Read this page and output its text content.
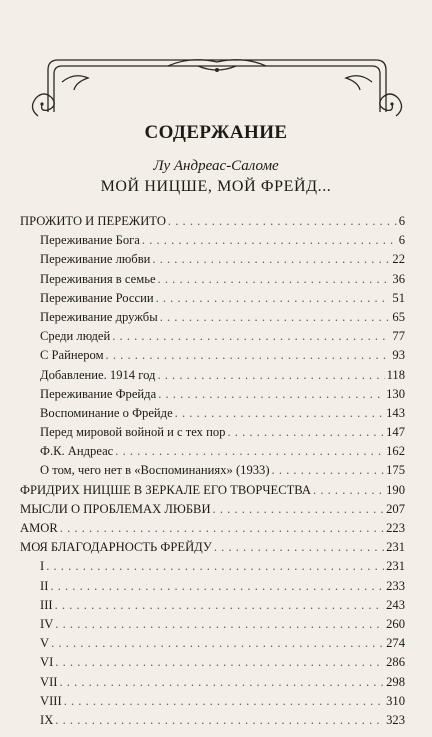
СОДЕРЖАНИЕ
Лу Андреас-Саломе
МОЙ НИЦШЕ, МОЙ ФРЕЙД...
ПРОЖИТО И ПЕРЕЖИТО . . .	6
Переживание Бога . . .	6
Переживание любви . . .	22
Переживания в семье . . .	36
Переживание России . . .	51
Переживание дружбы . . .	65
Среди людей . . .	77
С Райнером . . .	93
Добавление. 1914 год . . .	118
Переживание Фрейда . . .	130
Воспоминание о Фрейде . . .	143
Перед мировой войной и с тех пор . . .	147
Ф.К. Андреас . . .	162
О том, чего нет в «Воспоминаниях» (1933) . . .	175
ФРИДРИХ НИЦШЕ В ЗЕРКАЛЕ ЕГО ТВОРЧЕСТВА . . .	190
МЫСЛИ О ПРОБЛЕМАХ ЛЮБВИ . . .	207
AMOR . . .	223
МОЯ БЛАГОДАРНОСТЬ ФРЕЙДУ . . .	231
I . . .	231
II . . .	233
III . . .	243
IV . . .	260
V . . .	274
VI . . .	286
VII . . .	298
VIII . . .	310
IX . . .	323
